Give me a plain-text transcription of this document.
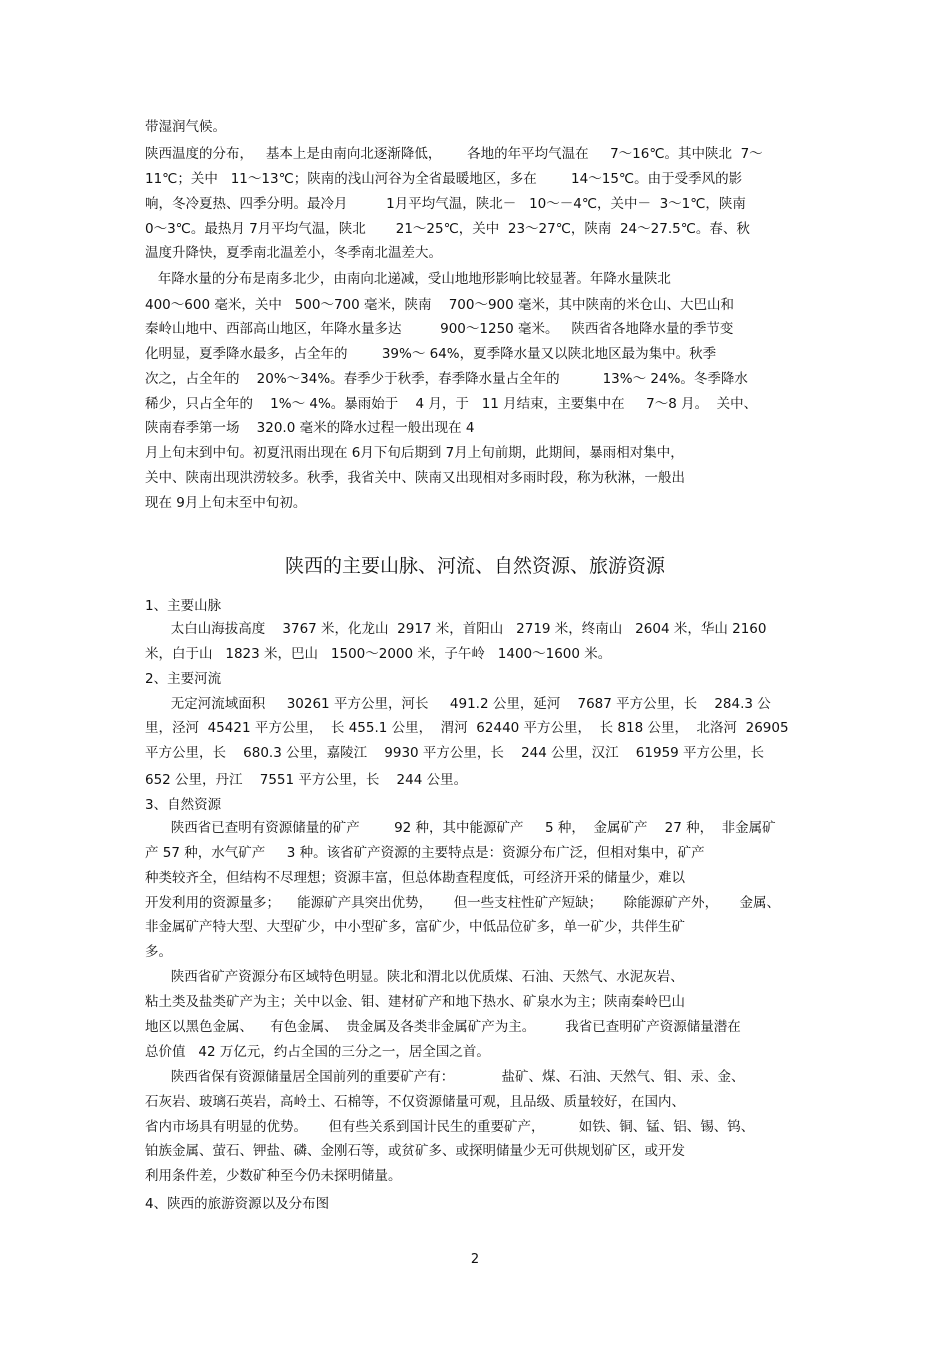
带湿润气候。
陕西温度的分布，   基本上是由南向北逐渐降低，      各地的年平均气温在     7～16℃。其中陕北  7～
11℃；关中   11～13℃；陕南的浅山河谷为全省最暖地区，多在        14～15℃。由于受季风的影
响，冬冷夏热、四季分明。最冷月         1月平均气温，陕北－   10～－4℃，关中－  3～1℃，陕南
0～3℃。最热月 7月平均气温，陕北       21～25℃，关中  23～27℃，陕南  24～27.5℃。春、秋
温度升降快，夏季南北温差小，冬季南北温差大。
年降水量的分布是南多北少，由南向北递减，受山地地形影响比较显著。年降水量陕北
400～600 毫米，关中   500～700 毫米，陕南    700～900 毫米，其中陕南的米仓山、大巴山和
秦岭山地中、西部高山地区，年降水量多达         900～1250 毫米。   陕西省各地降水量的季节变
化明显，夏季降水最多，占全年的        39%～ 64%，夏季降水量又以陕北地区最为集中。秋季
次之，占全年的    20%～34%。春季少于秋季，春季降水量占全年的          13%～ 24%。冬季降水
稀少，只占全年的    1%～ 4%。暴雨始于    4 月，于   11 月结束，主要集中在     7～8 月。  关中、
陕南春季第一场    320.0 毫米的降水过程一般出现在 4
月上旬末到中旬。初夏汛雨出现在 6月下旬后期到 7月上旬前期，此期间，暴雨相对集中，
关中、陕南出现洪涝较多。秋季，我省关中、陕南又出现相对多雨时段，称为秋淋，一般出
现在 9月上旬末至中旬初。
陕西的主要山脉、河流、自然资源、旅游资源
1、主要山脉
太白山海拔高度    3767 米，化龙山  2917 米，首阳山   2719 米，终南山   2604 米，华山 2160
米，白于山   1823 米，巴山   1500～2000 米，子午岭   1400～1600 米。
2、主要河流
无定河流域面积     30261 平方公里，河长     491.2 公里，延河    7687 平方公里，长    284.3 公
里，泾河  45421 平方公里，  长 455.1 公里，  渭河  62440 平方公里，  长 818 公里，  北洛河  26905
平方公里，长    680.3 公里，嘉陵江    9930 平方公里，长    244 公里，汉江    61959 平方公里，长
652 公里，丹江    7551 平方公里，长    244 公里。
3、自然资源
陕西省已查明有资源储量的矿产        92 种，其中能源矿产     5 种，  金属矿产    27 种，  非金属矿
产 57 种，水气矿产     3 种。该省矿产资源的主要特点是：资源分布广泛，但相对集中，矿产
种类较齐全，但结构不尽理想；资源丰富，但总体勘查程度低，可经济开采的储量少，难以
开发利用的资源量多；    能源矿产具突出优势，     但一些支柱性矿产短缺；     除能源矿产外，     金属、
非金属矿产特大型、大型矿少，中小型矿多，富矿少，中低品位矿多，单一矿少，共伴生矿
多。
陕西省矿产资源分布区域特色明显。陕北和渭北以优质煤、石油、天然气、水泥灰岩、
粘土类及盐类矿产为主；关中以金、钼、建材矿产和地下热水、矿泉水为主；陕南秦岭巴山
地区以黑色金属、    有色金属、  贵金属及各类非金属矿产为主。       我省已查明矿产资源储量潜在
总价值   42 万亿元，约占全国的三分之一，居全国之首。
陕西省保有资源储量居全国前列的重要矿产有：           盐矿、煤、石油、天然气、钼、汞、金、
石灰岩、玻璃石英岩，高岭土、石棉等，不仅资源储量可观，且品级、质量较好，在国内、
省内市场具有明显的优势。     但有些关系到国计民生的重要矿产，        如铁、铜、锰、铝、锡、钨、
铂族金属、萤石、钾盐、磷、金刚石等，或贫矿多、或探明储量少无可供规划矿区，或开发
利用条件差，少数矿种至今仍未探明储量。
4、陕西的旅游资源以及分布图
2
